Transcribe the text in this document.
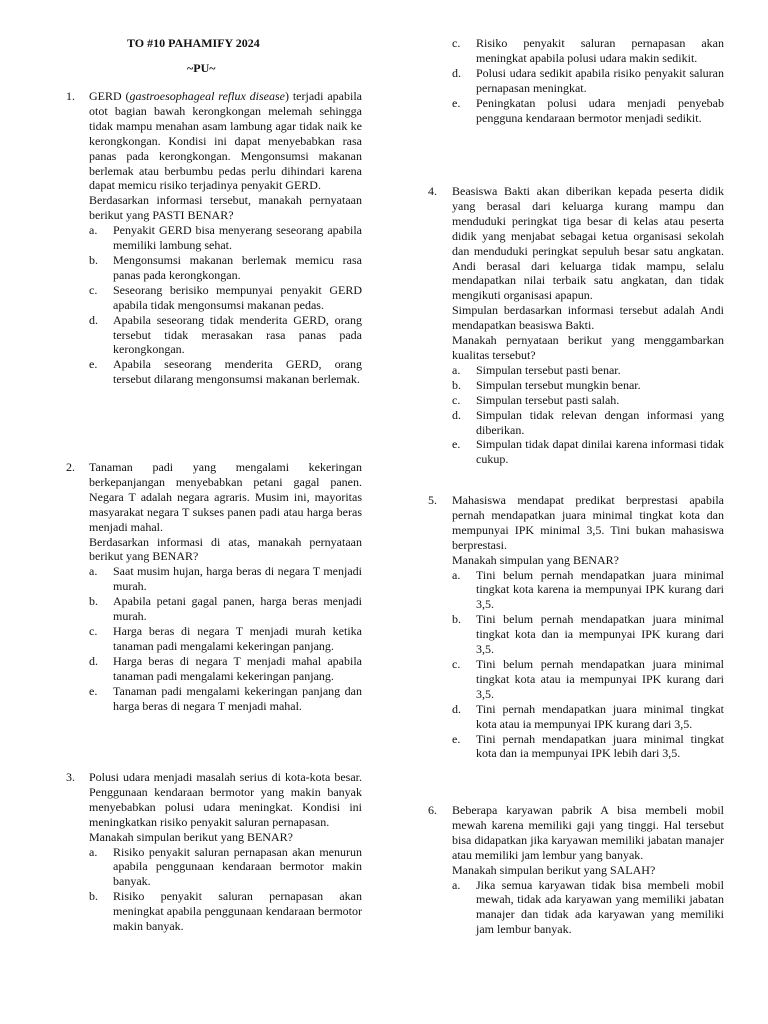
TO #10 PAHAMIFY 2024
~PU~
1. GERD (gastroesophageal reflux disease) terjadi apabila otot bagian bawah kerongkongan melemah sehingga tidak mampu menahan asam lambung agar tidak naik ke kerongkongan. Kondisi ini dapat menyebabkan rasa panas pada kerongkongan. Mengonsumsi makanan berlemak atau berbumbu pedas perlu dihindari karena dapat memicu risiko terjadinya penyakit GERD.

Berdasarkan informasi tersebut, manakah pernyataan berikut yang PASTI BENAR?

a. Penyakit GERD bisa menyerang seseorang apabila memiliki lambung sehat.
b. Mengonsumsi makanan berlemak memicu rasa panas pada kerongkongan.
c. Seseorang berisiko mempunyai penyakit GERD apabila tidak mengonsumsi makanan pedas.
d. Apabila seseorang tidak menderita GERD, orang tersebut tidak merasakan rasa panas pada kerongkongan.
e. Apabila seseorang menderita GERD, orang tersebut dilarang mengonsumsi makanan berlemak.
2. Tanaman padi yang mengalami kekeringan berkepanjangan menyebabkan petani gagal panen. Negara T adalah negara agraris. Musim ini, mayoritas masyarakat negara T sukses panen padi atau harga beras menjadi mahal.

Berdasarkan informasi di atas, manakah pernyataan berikut yang BENAR?

a. Saat musim hujan, harga beras di negara T menjadi murah.
b. Apabila petani gagal panen, harga beras menjadi murah.
c. Harga beras di negara T menjadi murah ketika tanaman padi mengalami kekeringan panjang.
d. Harga beras di negara T menjadi mahal apabila tanaman padi mengalami kekeringan panjang.
e. Tanaman padi mengalami kekeringan panjang dan harga beras di negara T menjadi mahal.
3. Polusi udara menjadi masalah serius di kota-kota besar. Penggunaan kendaraan bermotor yang makin banyak menyebabkan polusi udara meningkat. Kondisi ini meningkatkan risiko penyakit saluran pernapasan.

Manakah simpulan berikut yang BENAR?

a. Risiko penyakit saluran pernapasan akan menurun apabila penggunaan kendaraan bermotor makin banyak.
b. Risiko penyakit saluran pernapasan akan meningkat apabila penggunaan kendaraan bermotor makin banyak.
c. Risiko penyakit saluran pernapasan akan meningkat apabila polusi udara makin sedikit.
d. Polusi udara sedikit apabila risiko penyakit saluran pernapasan meningkat.
e. Peningkatan polusi udara menjadi penyebab pengguna kendaraan bermotor menjadi sedikit.
4. Beasiswa Bakti akan diberikan kepada peserta didik yang berasal dari keluarga kurang mampu dan menduduki peringkat tiga besar di kelas atau peserta didik yang menjabat sebagai ketua organisasi sekolah dan menduduki peringkat sepuluh besar satu angkatan. Andi berasal dari keluarga tidak mampu, selalu mendapatkan nilai terbaik satu angkatan, dan tidak mengikuti organisasi apapun.

Simpulan berdasarkan informasi tersebut adalah Andi mendapatkan beasiswa Bakti.

Manakah pernyataan berikut yang menggambarkan kualitas tersebut?

a. Simpulan tersebut pasti benar.
b. Simpulan tersebut mungkin benar.
c. Simpulan tersebut pasti salah.
d. Simpulan tidak relevan dengan informasi yang diberikan.
e. Simpulan tidak dapat dinilai karena informasi tidak cukup.
5. Mahasiswa mendapat predikat berprestasi apabila pernah mendapatkan juara minimal tingkat kota dan mempunyai IPK minimal 3,5. Tini bukan mahasiswa berprestasi.

Manakah simpulan yang BENAR?

a. Tini belum pernah mendapatkan juara minimal tingkat kota karena ia mempunyai IPK kurang dari 3,5.
b. Tini belum pernah mendapatkan juara minimal tingkat kota dan ia mempunyai IPK kurang dari 3,5.
c. Tini belum pernah mendapatkan juara minimal tingkat kota atau ia mempunyai IPK kurang dari 3,5.
d. Tini pernah mendapatkan juara minimal tingkat kota atau ia mempunyai IPK kurang dari 3,5.
e. Tini pernah mendapatkan juara minimal tingkat kota dan ia mempunyai IPK lebih dari 3,5.
6. Beberapa karyawan pabrik A bisa membeli mobil mewah karena memiliki gaji yang tinggi. Hal tersebut bisa didapatkan jika karyawan memiliki jabatan manajer atau memiliki jam lembur yang banyak.

Manakah simpulan berikut yang SALAH?

a. Jika semua karyawan tidak bisa membeli mobil mewah, tidak ada karyawan yang memiliki jabatan manajer dan tidak ada karyawan yang memiliki jam lembur banyak.
